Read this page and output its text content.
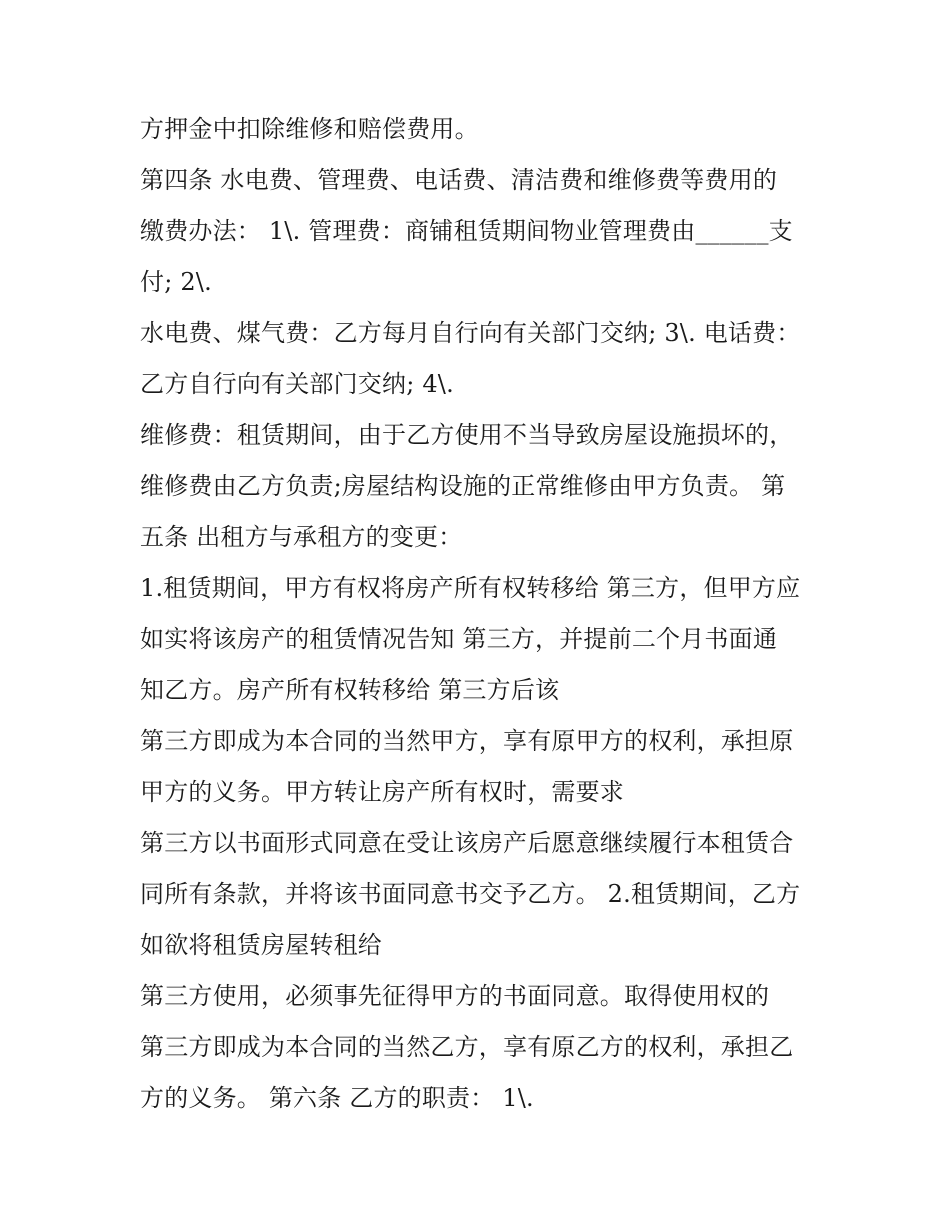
方押金中扣除维修和赔偿费用。
第四条 水电费、管理费、电话费、清洁费和维修费等费用的
缴费办法： 1\. 管理费：商铺租赁期间物业管理费由______支
付; 2\.
水电费、煤气费：乙方每月自行向有关部门交纳; 3\. 电话费：
乙方自行向有关部门交纳; 4\.
维修费：租赁期间，由于乙方使用不当导致房屋设施损坏的，
维修费由乙方负责;房屋结构设施的正常维修由甲方负责。 第
五条 出租方与承租方的变更：
1.租赁期间，甲方有权将房产所有权转移给 第三方，但甲方应
如实将该房产的租赁情况告知 第三方，并提前二个月书面通
知乙方。房产所有权转移给 第三方后该
第三方即成为本合同的当然甲方，享有原甲方的权利，承担原
甲方的义务。甲方转让房产所有权时，需要求
第三方以书面形式同意在受让该房产后愿意继续履行本租赁合
同所有条款，并将该书面同意书交予乙方。 2.租赁期间，乙方
如欲将租赁房屋转租给
第三方使用，必须事先征得甲方的书面同意。取得使用权的
第三方即成为本合同的当然乙方，享有原乙方的权利，承担乙
方的义务。 第六条 乙方的职责： 1\.
